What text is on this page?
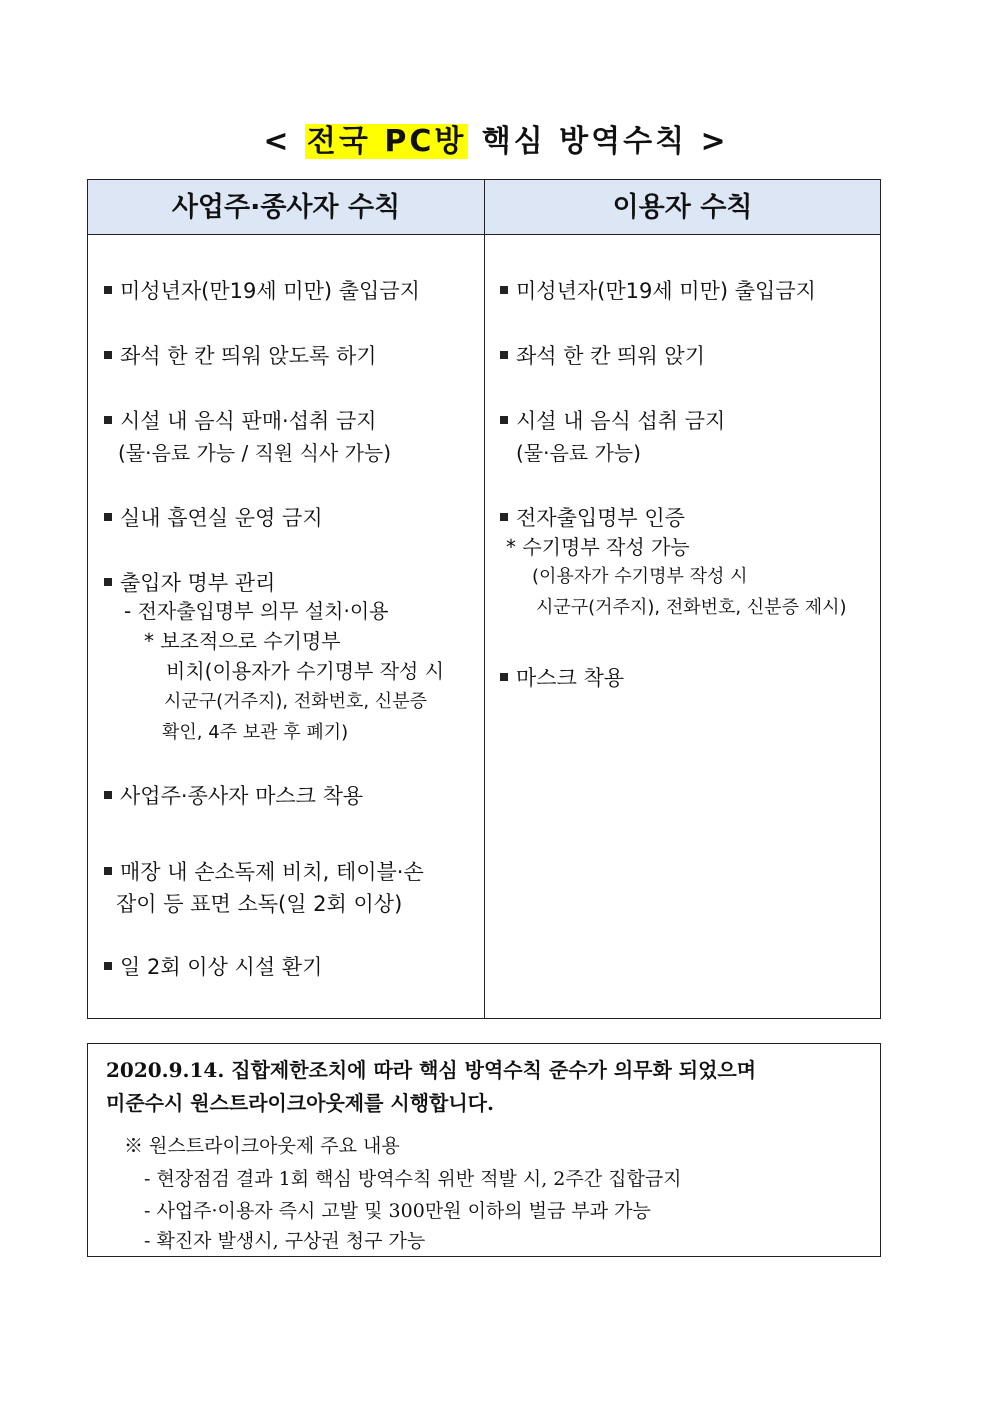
< 전국 PC방 핵심 방역수칙 >
사업주·종사자 수칙	이용자 수칙
미성년자(만19세 미만) 출입금지
좌석 한 칸 띄워 앉도록 하기
시설 내 음식 판매·섭취 금지
(물·음료 가능 / 직원 식사 가능)
실내 흡연실 운영 금지
출입자 명부 관리
- 전자출입명부 의무 설치·이용
* 보조적으로 수기명부
비치(이용자가 수기명부 작성 시
시군구(거주지), 전화번호, 신분증
확인, 4주 보관 후 폐기)
사업주·종사자 마스크 착용
매장 내 손소독제 비치, 테이블·손
잡이 등 표면 소독(일 2회 이상)
일 2회 이상 시설 환기
미성년자(만19세 미만) 출입금지
좌석 한 칸 띄워 앉기
시설 내 음식 섭취 금지
(물·음료 가능)
전자출입명부 인증
* 수기명부 작성 가능
(이용자가 수기명부 작성 시
시군구(거주지), 전화번호, 신분증 제시)
마스크 착용
2020.9.14. 집합제한조치에 따라 핵심 방역수칙 준수가 의무화 되었으며
미준수시 원스트라이크아웃제를 시행합니다.
※ 원스트라이크아웃제 주요 내용
- 현장점검 결과 1회 핵심 방역수칙 위반 적발 시, 2주간 집합금지
- 사업주·이용자 즉시 고발 및 300만원 이하의 벌금 부과 가능
- 확진자 발생시, 구상권 청구 가능
